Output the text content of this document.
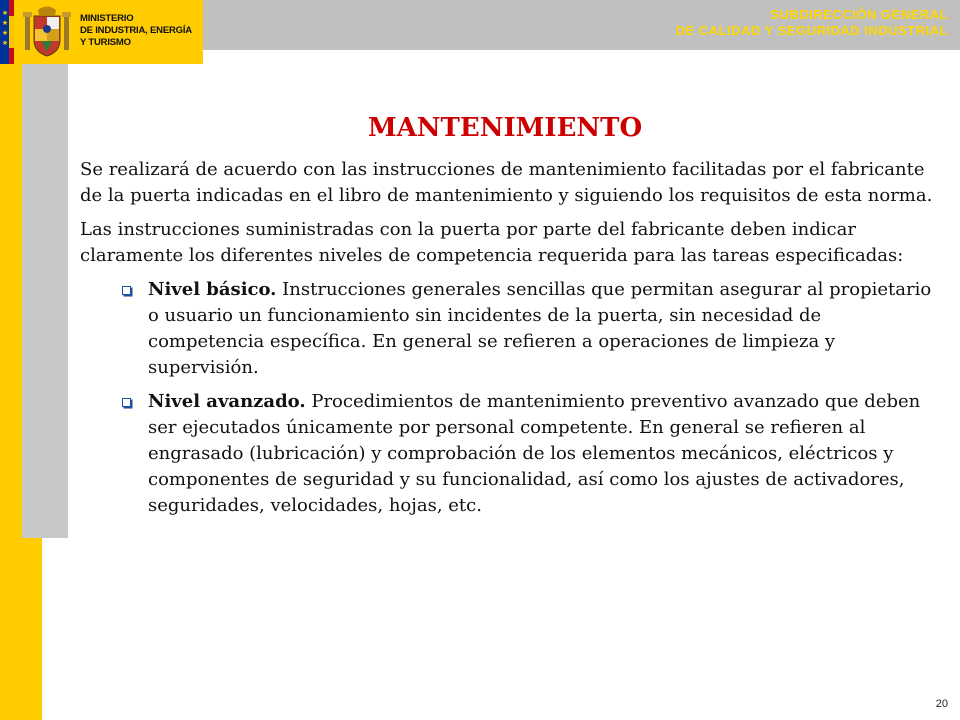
★
★
★
★
MINISTERIO
DE INDUSTRIA, ENERGÍA
Y TURISMO
SUBDIRECCIÓN GENERAL
DE CALIDAD Y SEGURIDAD INDUSTRIAL
MANTENIMIENTO

Se realizará de acuerdo con las instrucciones de mantenimiento facilitadas por el fabricante de la puerta indicadas en el libro de mantenimiento y siguiendo los requisitos de esta norma.

Las instrucciones suministradas con la puerta por parte del fabricante deben indicar claramente los diferentes niveles de competencia requerida para las tareas especificadas:

Nivel básico. Instrucciones generales sencillas que permitan asegurar al propietario o usuario un funcionamiento sin incidentes de la puerta, sin necesidad de competencia específica. En general se refieren a operaciones de limpieza y supervisión.
Nivel avanzado. Procedimientos de mantenimiento preventivo avanzado que deben ser ejecutados únicamente por personal competente. En general se refieren al engrasado (lubricación) y comprobación de los elementos mecánicos, eléctricos y componentes de seguridad y su funcionalidad, así como los ajustes de activadores, seguridades, velocidades, hojas, etc.
20
